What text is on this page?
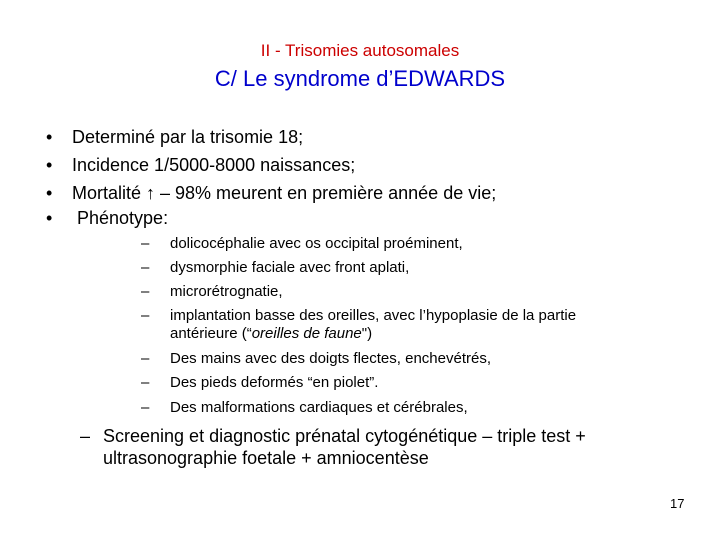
II - Trisomies autosomales
C/ Le syndrome d’EDWARDS
• Determiné par la trisomie 18;
• Incidence 1/5000-8000 naissances;
• Mortalité ↑ – 98% meurent en première année de vie;
• Phénotype:
– dolicocéphalie avec os occipital proéminent,
– dysmorphie faciale avec front aplati,
– microrétrognatie,
– implantation basse des oreilles, avec l’hypoplasie de la partie
antérieure (“oreilles de faune")
– Des mains avec des doigts flectes, enchevétrés,
– Des pieds deformés “en piolet”.
– Des malformations cardiaques et cérébrales,
– Screening et diagnostic prénatal cytogénétique – triple test +
ultrasonographie foetale + amniocentèse
17
